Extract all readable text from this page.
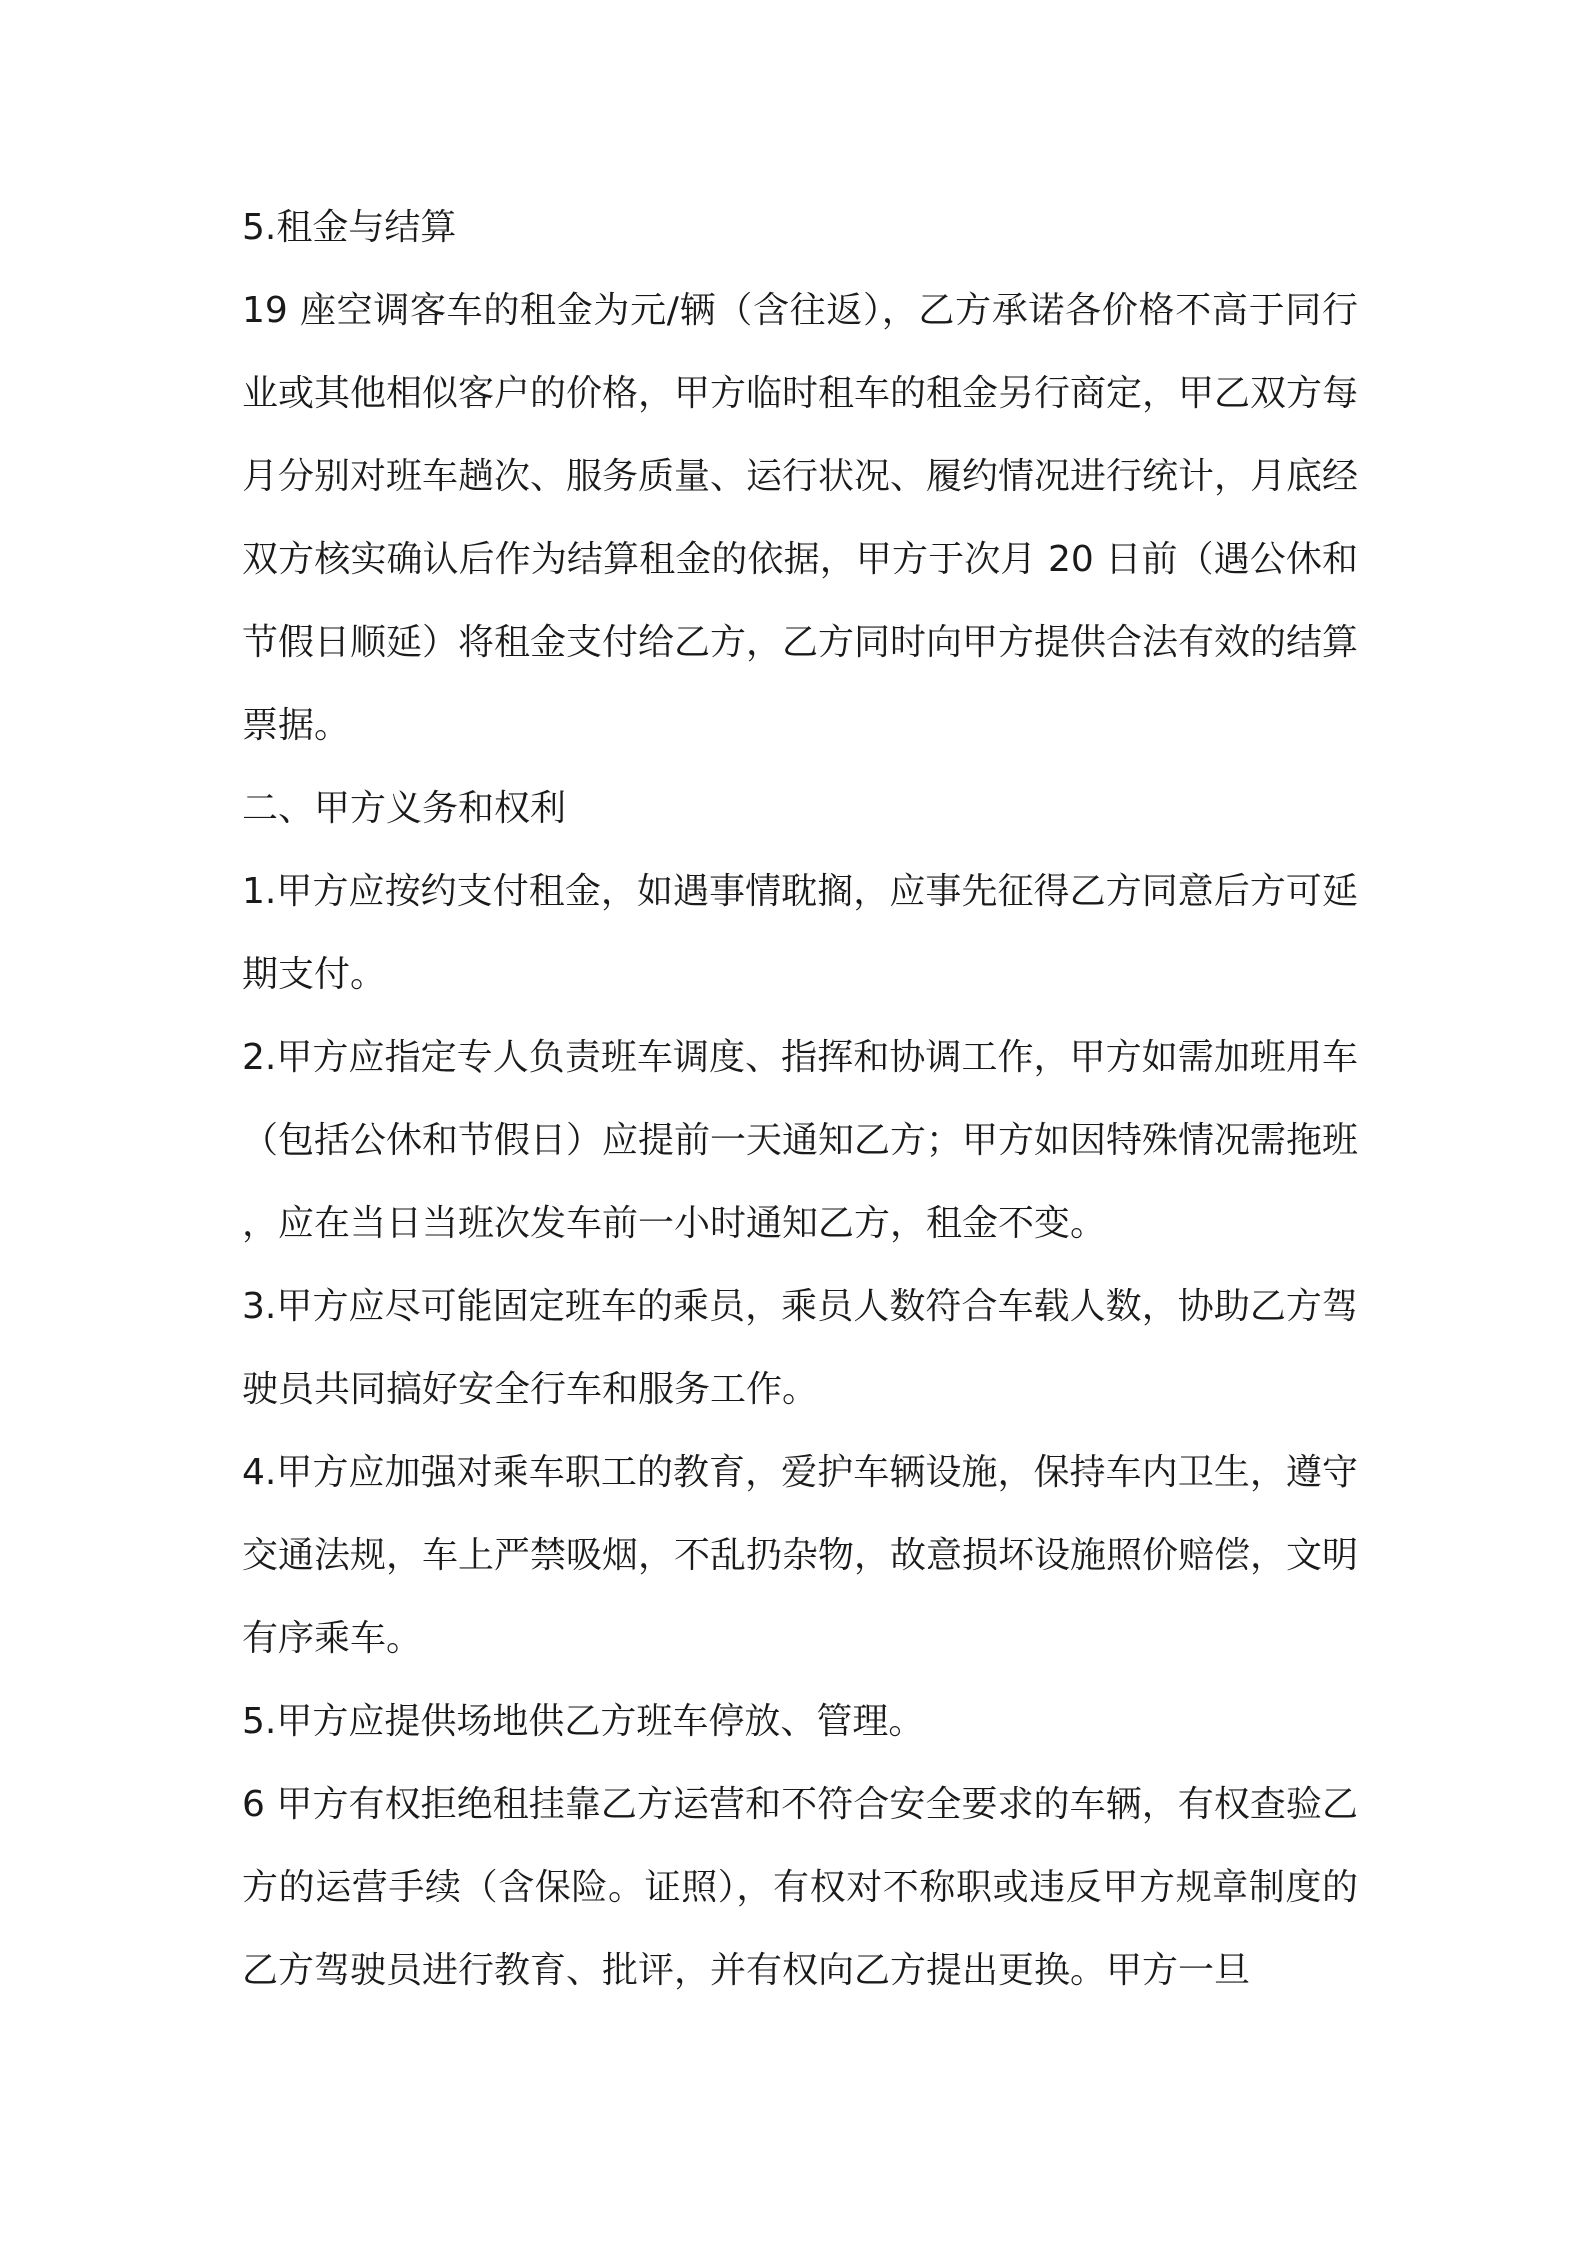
5.租金与结算

19 座空调客车的租金为元/辆（含往返），乙方承诺各价格不高于同行业或其他相似客户的价格，甲方临时租车的租金另行商定，甲乙双方每月分别对班车趟次、服务质量、运行状况、履约情况进行统计，月底经双方核实确认后作为结算租金的依据，甲方于次月 20 日前（遇公休和节假日顺延）将租金支付给乙方，乙方同时向甲方提供合法有效的结算票据。

二、甲方义务和权利

1.甲方应按约支付租金，如遇事情耽搁，应事先征得乙方同意后方可延期支付。

2.甲方应指定专人负责班车调度、指挥和协调工作，甲方如需加班用车（包括公休和节假日）应提前一天通知乙方；甲方如因特殊情况需拖班，应在当日当班次发车前一小时通知乙方，租金不变。

3.甲方应尽可能固定班车的乘员，乘员人数符合车载人数，协助乙方驾驶员共同搞好安全行车和服务工作。

4.甲方应加强对乘车职工的教育，爱护车辆设施，保持车内卫生，遵守交通法规，车上严禁吸烟，不乱扔杂物，故意损坏设施照价赔偿，文明有序乘车。

5.甲方应提供场地供乙方班车停放、管理。

6 甲方有权拒绝租挂靠乙方运营和不符合安全要求的车辆，有权查验乙方的运营手续（含保险。证照），有权对不称职或违反甲方规章制度的乙方驾驶员进行教育、批评，并有权向乙方提出更换。甲方一旦
